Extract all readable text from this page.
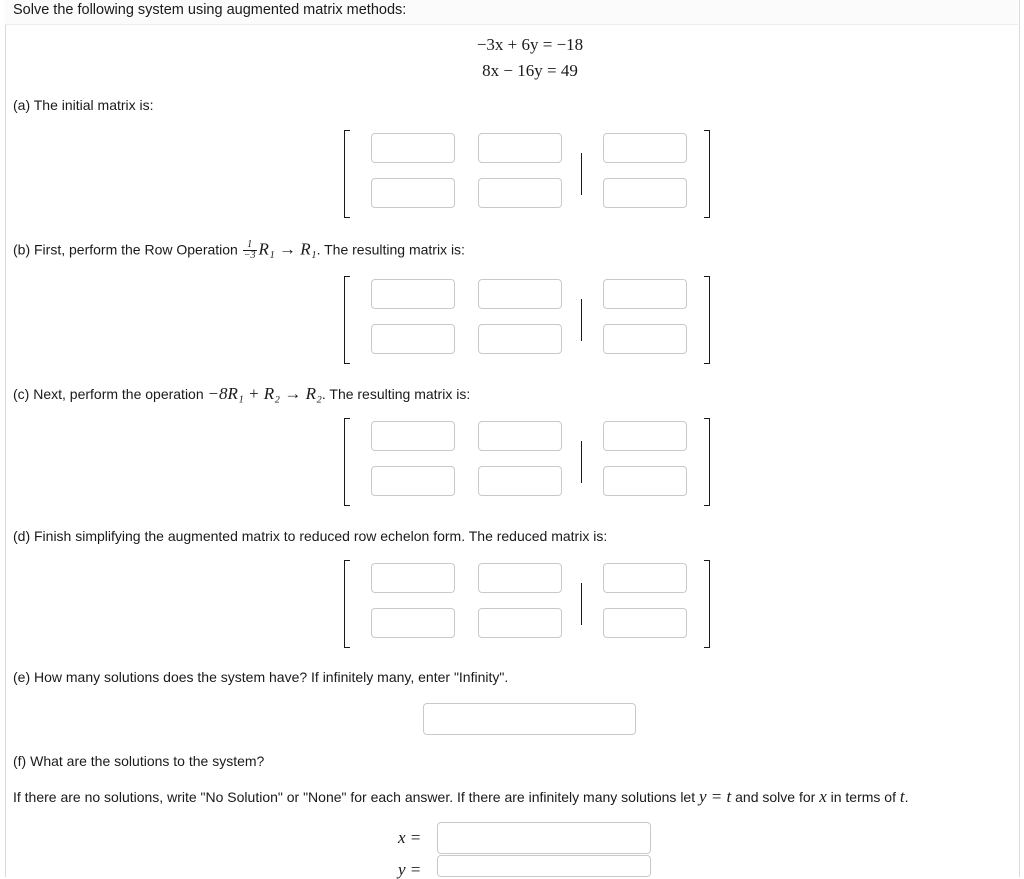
Solve the following system using augmented matrix methods:
−3x + 6y = −18
8x − 16y = 49
(a) The initial matrix is:
(b) First, perform the Row Operation $\frac{1}{-3} R_1 \to R_1$. The resulting matrix is:
(c) Next, perform the operation −8R₁ + R₂ → R₂. The resulting matrix is:
(d) Finish simplifying the augmented matrix to reduced row echelon form. The reduced matrix is:
(e) How many solutions does the system have? If infinitely many, enter "Infinity".
(f) What are the solutions to the system?
If there are no solutions, write "No Solution" or "None" for each answer. If there are infinitely many solutions let y = t and solve for x in terms of t.
x =
y =
